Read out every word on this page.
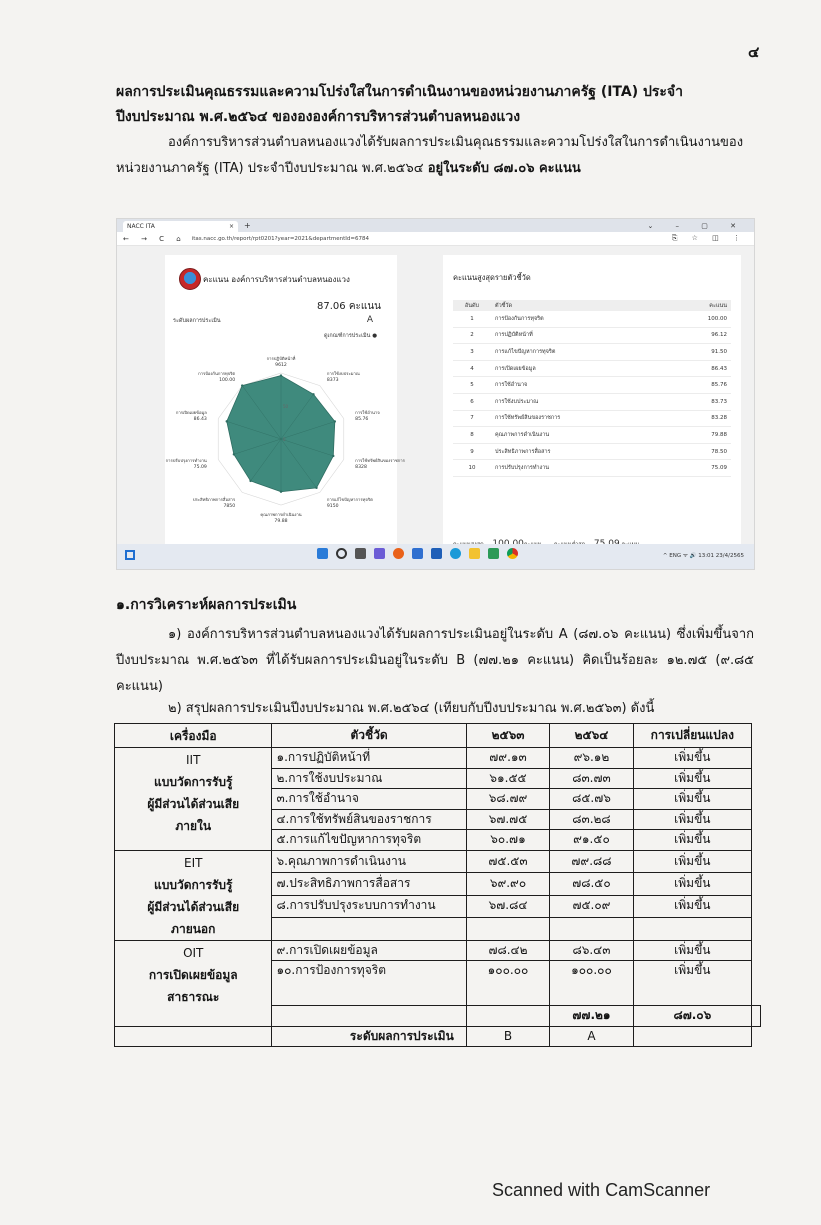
๔
ผลการประเมินคุณธรรมและความโปร่งใสในการดำเนินงานของหน่วยงานภาครัฐ (ITA) ประจำปีงบประมาณ พ.ศ.๒๕๖๔ ของององค์การบริหารส่วนตำบลหนองแวง
องค์การบริหารส่วนตำบลหนองแวงได้รับผลการประเมินคุณธรรมและความโปร่งใสในการดำเนินงานของหน่วยงานภาครัฐ (ITA) ประจำปีงบประมาณ พ.ศ.๒๕๖๔ อยู่ในระดับ ๘๗.๐๖ คะแนน
NACC ITA	× +	⌄ – ▢ ✕
← → C ⌂ itas.nacc.go.th/report/rpt0201?year=2021&departmentId=6784	⎘ ☆ ◫ ⋮
คะแนน องค์การบริหารส่วนตำบลหนองแวง
87.06 คะแนน
ระดับผลการประเมิน	A
ดูเกณฑ์การประเมิน ●
50
0
การปฏิบัติหน้าที่
9612
การใช้งบประมาณ
8373
การใช้อำนาจ
85.76
การใช้ทรัพย์สินของราชการ
8328
การแก้ไขปัญหาการทุจริต
9150
คุณภาพการดำเนินงาน
79.88
ประสิทธิภาพการสื่อสาร
7850
การปรับปรุงการทำงาน
75.09
การเปิดเผยข้อมูล
86.43
การป้องกันการทุจริต
100.00
คะแนนสูงสุดรายตัวชี้วัด
อันดับ	ตัวชี้วัด	คะแนน
1	การป้องกันการทุจริต	100.00
2	การปฏิบัติหน้าที่	96.12
3	การแก้ไขปัญหาการทุจริต	91.50
4	การเปิดเผยข้อมูล	86.43
5	การใช้อำนาจ	85.76
6	การใช้งบประมาณ	83.73
7	การใช้ทรัพย์สินของราชการ	83.28
8	คุณภาพการดำเนินงาน	79.88
9	ประสิทธิภาพการสื่อสาร	78.50
10	การปรับปรุงการทำงาน	75.09

^ ENG ᯤ 🔊 13:01 23/4/2565
๑.การวิเคราะห์ผลการประเมิน
๑) องค์การบริหารส่วนตำบลหนองแวงได้รับผลการประเมินอยู่ในระดับ A (๘๗.๐๖ คะแนน) ซึ่งเพิ่มขึ้นจากปีงบประมาณ พ.ศ.๒๕๖๓ ที่ได้รับผลการประเมินอยู่ในระดับ B (๗๗.๒๑ คะแนน) คิดเป็นร้อยละ ๑๒.๗๕ (๙.๘๕ คะแนน)
๒) สรุปผลการประเมินปีงบประมาณ พ.ศ.๒๕๖๔ (เทียบกับปีงบประมาณ พ.ศ.๒๕๖๓) ดังนี้
เครื่องมือ	ตัวชี้วัด	๒๕๖๓	๒๕๖๔	การเปลี่ยนแปลง	

IIT
แบบวัดการรับรู้
ผู้มีส่วนได้ส่วนเสีย
ภายใน	๑.การปฏิบัติหน้าที่	๗๙.๑๓	๙๖.๑๒	เพิ่มขึ้น	
	๒.การใช้งบประมาณ	๖๑.๕๕	๘๓.๗๓	เพิ่มขึ้น	
	๓.การใช้อำนาจ	๖๘.๗๙	๘๕.๗๖	เพิ่มขึ้น	
	๔.การใช้ทรัพย์สินของราชการ	๖๗.๗๕	๘๓.๒๘	เพิ่มขึ้น	
	๕.การแก้ไขปัญหาการทุจริต	๖๐.๗๑	๙๑.๕๐	เพิ่มขึ้น	

EIT
แบบวัดการรับรู้
ผู้มีส่วนได้ส่วนเสีย
ภายนอก	๖.คุณภาพการดำเนินงาน	๗๕.๕๓	๗๙.๘๘	เพิ่มขึ้น	
	๗.ประสิทธิภาพการสื่อสาร	๖๙.๙๐	๗๘.๕๐	เพิ่มขึ้น	
	๘.การปรับปรุงระบบการทำงาน	๖๗.๘๔	๗๕.๐๙	เพิ่มขึ้น	

OIT
การเปิดเผยข้อมูล
สาธารณะ	๙.การเปิดเผยข้อมูล	๗๘.๔๒	๘๖.๔๓	เพิ่มขึ้น	
	๑๐.การป้องการทุจริต	๑๐๐.๐๐	๑๐๐.๐๐	เพิ่มขึ้น	
			๗๗.๒๑	๘๗.๐๖	
	ระดับผลการประเมิน	B	A		
Scanned with CamScanner
